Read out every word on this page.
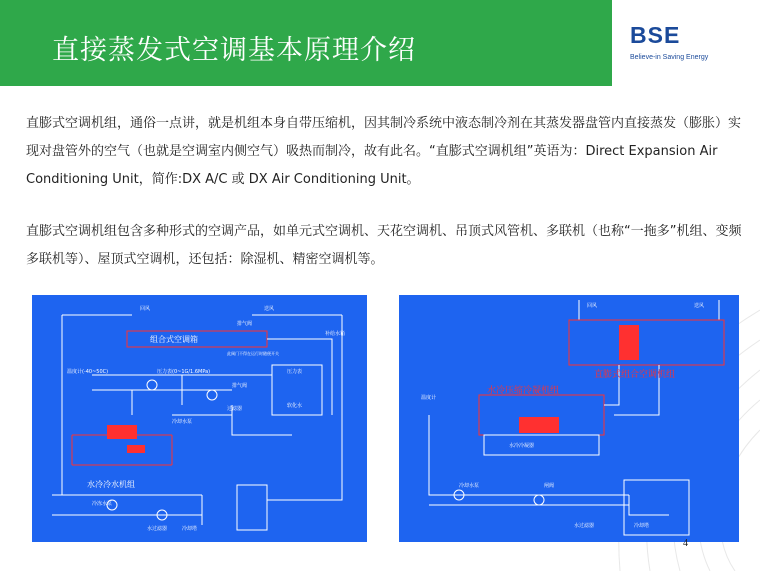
直接蒸发式空调基本原理介绍	BSE
Believe-in Saving Energy
直膨式空调机组，通俗一点讲，就是机组本身自带压缩机，因其制冷系统中液态制冷剂在其蒸发器盘管内直接蒸发（膨胀）实现对盘管外的空气（也就是空调室内侧空气）吸热而制冷，故有此名。“直膨式空调机组”英语为：Direct Expansion Air Conditioning Unit，简作:DX A/C 或 DX Air Conditioning Unit。
直膨式空调机组包含多种形式的空调产品，如单元式空调机、天花空调机、吊顶式风管机、多联机（也称“一拖多”机组、变频多联机等）、屋顶式空调机，还包括：除湿机、精密空调机等。
回风	送风
组合式空调箱
排气阀
此阀门不得在运行时随便开关
补给水箱
温度计(-40~50C)	压力表(0~1G/1.6MPa)
排气阀
压力表
软化水
冷却水泵
过滤器
水冷冷水机组
冷冻水泵
水过滤器	冷却塔
回风	送风
直膨式组合空调机组
水冷压缩冷凝机组
温度计
水冷冷凝器
冷却水泵	闸阀
水过滤器	冷却塔
4
